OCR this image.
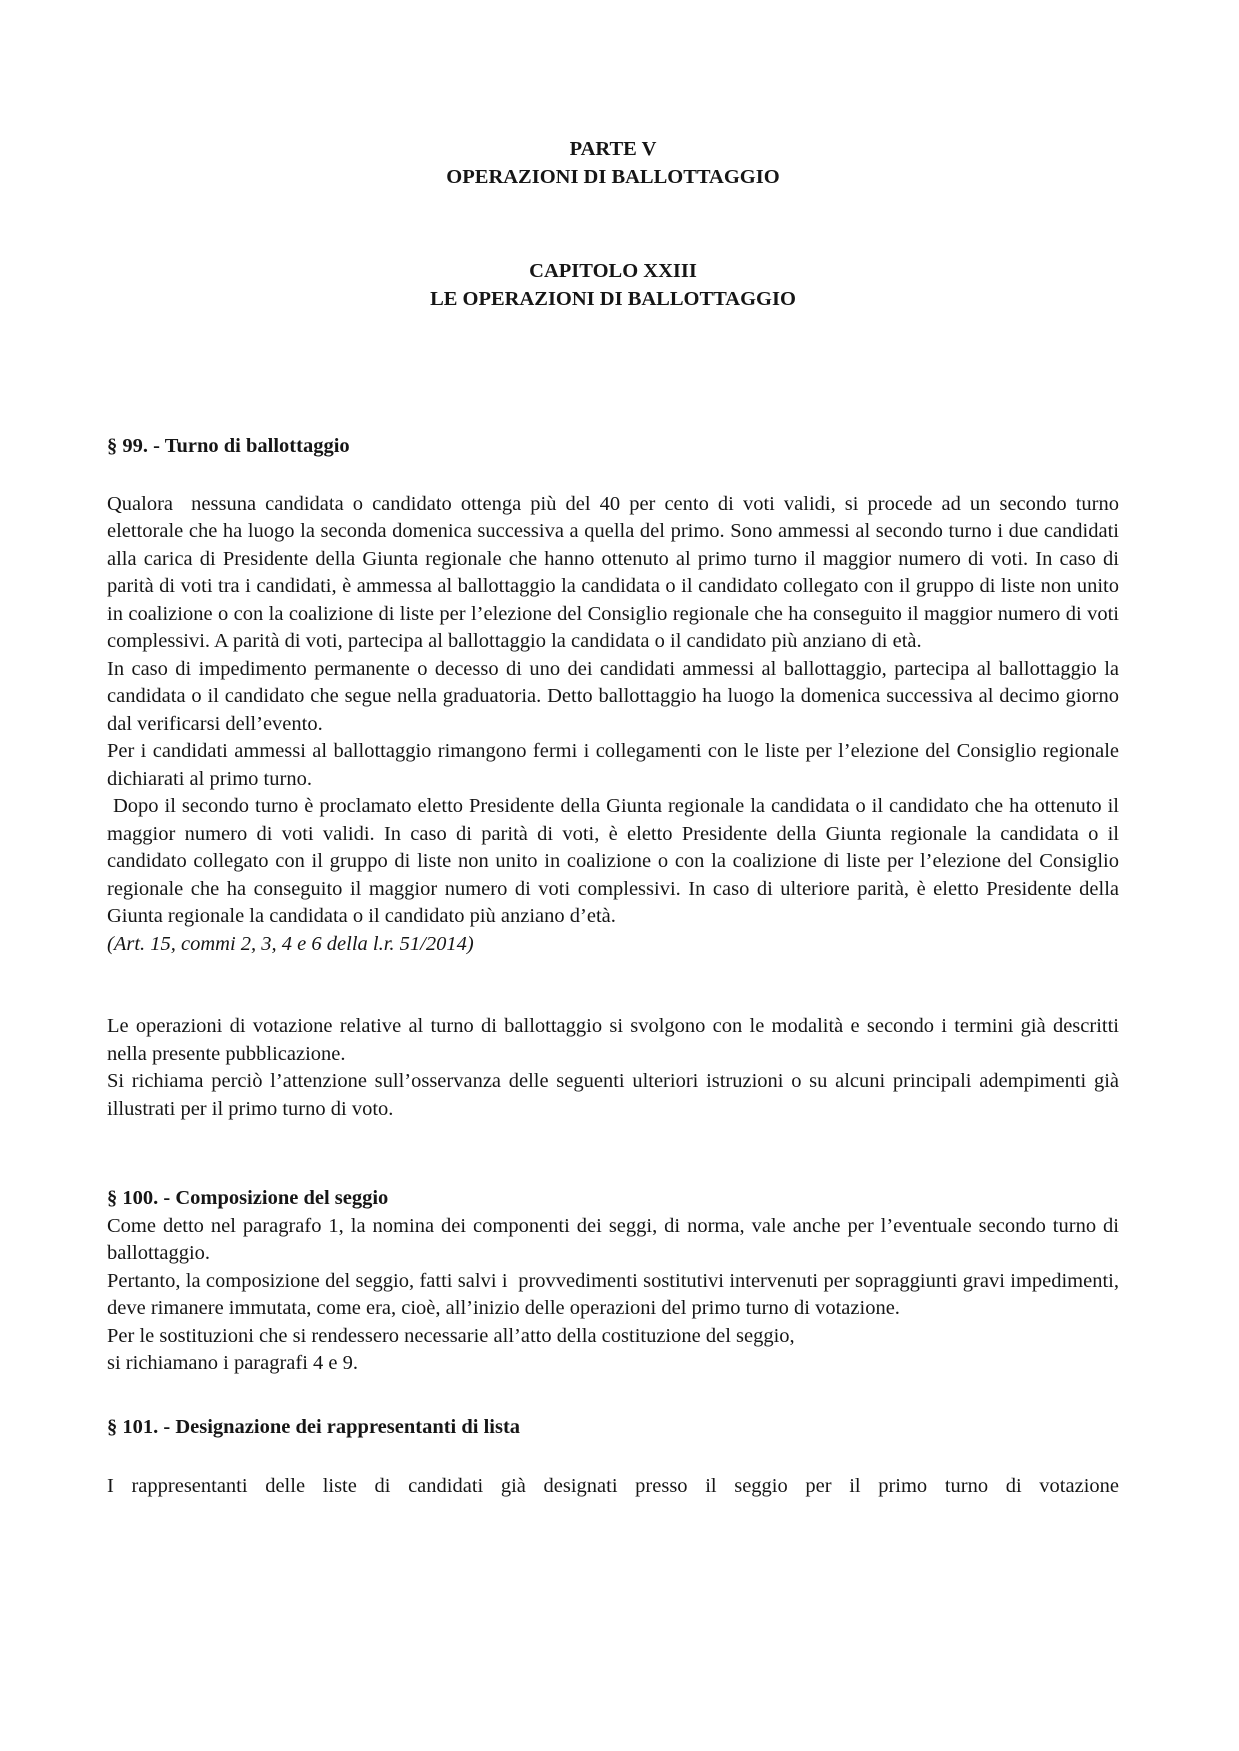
PARTE V
OPERAZIONI DI BALLOTTAGGIO
CAPITOLO XXIII
LE OPERAZIONI DI BALLOTTAGGIO
§ 99. - Turno di ballottaggio

Qualora  nessuna candidata o candidato ottenga più del 40 per cento di voti validi, si procede ad un secondo turno elettorale che ha luogo la seconda domenica successiva a quella del primo. Sono ammessi al secondo turno i due candidati alla carica di Presidente della Giunta regionale che hanno ottenuto al primo turno il maggior numero di voti. In caso di parità di voti tra i candidati, è ammessa al ballottaggio la candidata o il candidato collegato con il gruppo di liste non unito in coalizione o con la coalizione di liste per l’elezione del Consiglio regionale che ha conseguito il maggior numero di voti complessivi. A parità di voti, partecipa al ballottaggio la candidata o il candidato più anziano di età.

In caso di impedimento permanente o decesso di uno dei candidati ammessi al ballottaggio, partecipa al ballottaggio la candidata o il candidato che segue nella graduatoria. Detto ballottaggio ha luogo la domenica successiva al decimo giorno dal verificarsi dell’evento.

Per i candidati ammessi al ballottaggio rimangono fermi i collegamenti con le liste per l’elezione del Consiglio regionale dichiarati al primo turno.

Dopo il secondo turno è proclamato eletto Presidente della Giunta regionale la candidata o il candidato che ha ottenuto il maggior numero di voti validi. In caso di parità di voti, è eletto Presidente della Giunta regionale la candidata o il candidato collegato con il gruppo di liste non unito in coalizione o con la coalizione di liste per l’elezione del Consiglio regionale che ha conseguito il maggior numero di voti complessivi. In caso di ulteriore parità, è eletto Presidente della Giunta regionale la candidata o il candidato più anziano d’età.

(Art. 15, commi 2, 3, 4 e 6 della l.r. 51/2014)

Le operazioni di votazione relative al turno di ballottaggio si svolgono con le modalità e secondo i termini già descritti nella presente pubblicazione.

Si richiama perciò l’attenzione sull’osservanza delle seguenti ulteriori istruzioni o su alcuni principali adempimenti già illustrati per il primo turno di voto.

§ 100. - Composizione del seggio

Come detto nel paragrafo 1, la nomina dei componenti dei seggi, di norma, vale anche per l’eventuale secondo turno di ballottaggio.

Pertanto, la composizione del seggio, fatti salvi i  provvedimenti sostitutivi intervenuti per sopraggiunti gravi impedimenti, deve rimanere immutata, come era, cioè, all’inizio delle operazioni del primo turno di votazione.

Per le sostituzioni che si rendessero necessarie all’atto della costituzione del seggio,

si richiamano i paragrafi 4 e 9.

§ 101. - Designazione dei rappresentanti di lista

I rappresentanti delle liste di candidati già designati presso il seggio per il primo turno di votazione
